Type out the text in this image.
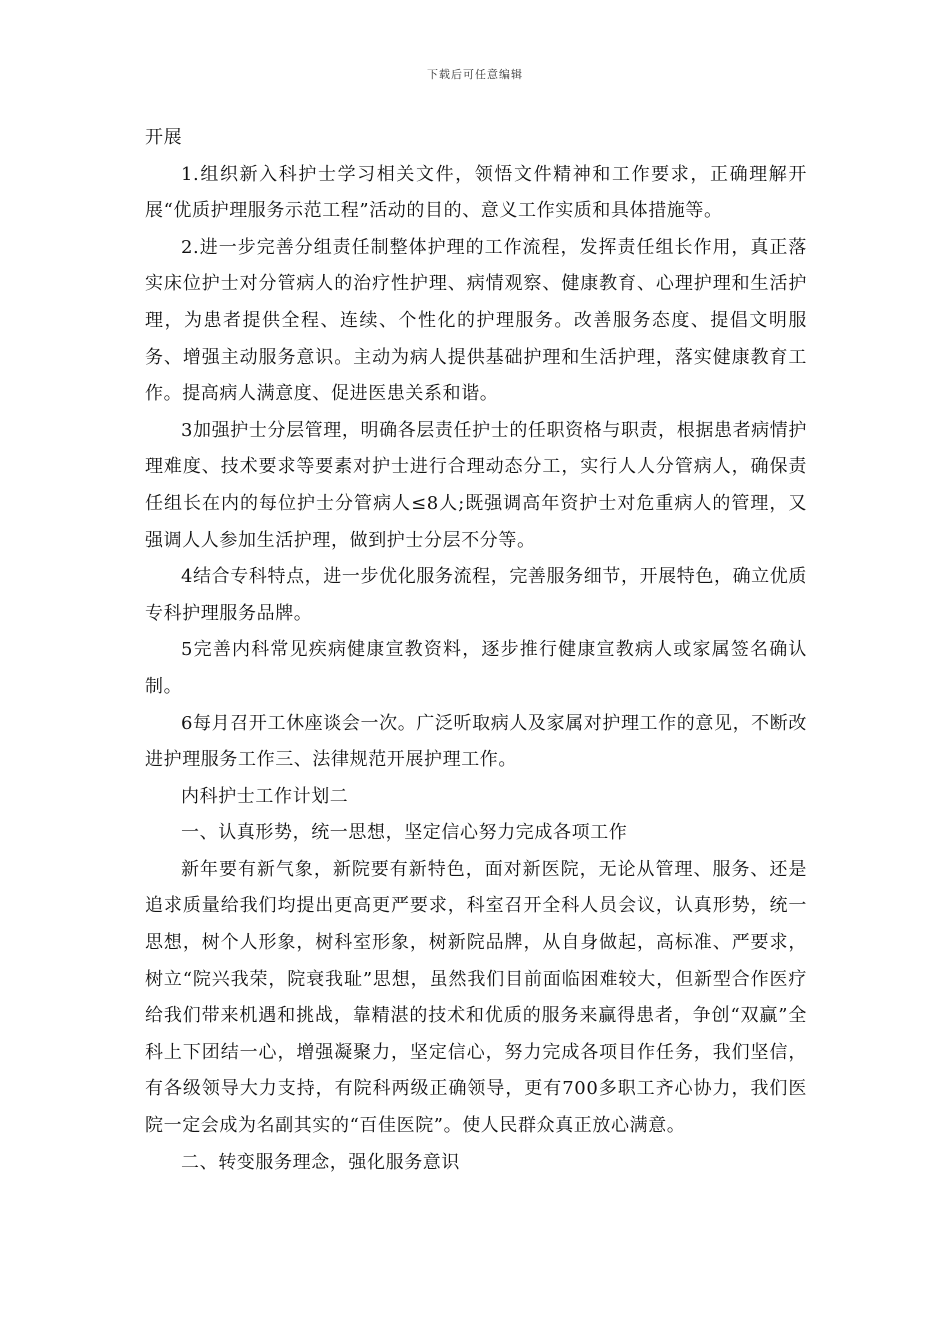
下载后可任意编辑

开展

1.组织新入科护士学习相关文件，领悟文件精神和工作要求，正确理解开展“优质护理服务示范工程”活动的目的、意义工作实质和具体措施等。

2.进一步完善分组责任制整体护理的工作流程，发挥责任组长作用，真正落实床位护士对分管病人的治疗性护理、病情观察、健康教育、心理护理和生活护理，为患者提供全程、连续、个性化的护理服务。改善服务态度、提倡文明服务、增强主动服务意识。主动为病人提供基础护理和生活护理，落实健康教育工作。提高病人满意度、促进医患关系和谐。

3加强护士分层管理，明确各层责任护士的任职资格与职责，根据患者病情护理难度、技术要求等要素对护士进行合理动态分工，实行人人分管病人，确保责任组长在内的每位护士分管病人≤8人;既强调高年资护士对危重病人的管理，又强调人人参加生活护理，做到护士分层不分等。

4结合专科特点，进一步优化服务流程，完善服务细节，开展特色，确立优质专科护理服务品牌。

5完善内科常见疾病健康宣教资料，逐步推行健康宣教病人或家属签名确认制。

6每月召开工休座谈会一次。广泛听取病人及家属对护理工作的意见，不断改进护理服务工作三、法律规范开展护理工作。

内科护士工作计划二

一、认真形势，统一思想，坚定信心努力完成各项工作

新年要有新气象，新院要有新特色，面对新医院，无论从管理、服务、还是追求质量给我们均提出更高更严要求，科室召开全科人员会议，认真形势，统一思想，树个人形象，树科室形象，树新院品牌，从自身做起，高标准、严要求，树立“院兴我荣，院衰我耻”思想，虽然我们目前面临困难较大，但新型合作医疗给我们带来机遇和挑战，靠精湛的技术和优质的服务来赢得患者，争创“双赢”全科上下团结一心，增强凝聚力，坚定信心，努力完成各项目作任务，我们坚信，有各级领导大力支持，有院科两级正确领导，更有700多职工齐心协力，我们医院一定会成为名副其实的“百佳医院”。使人民群众真正放心满意。

二、转变服务理念，强化服务意识
